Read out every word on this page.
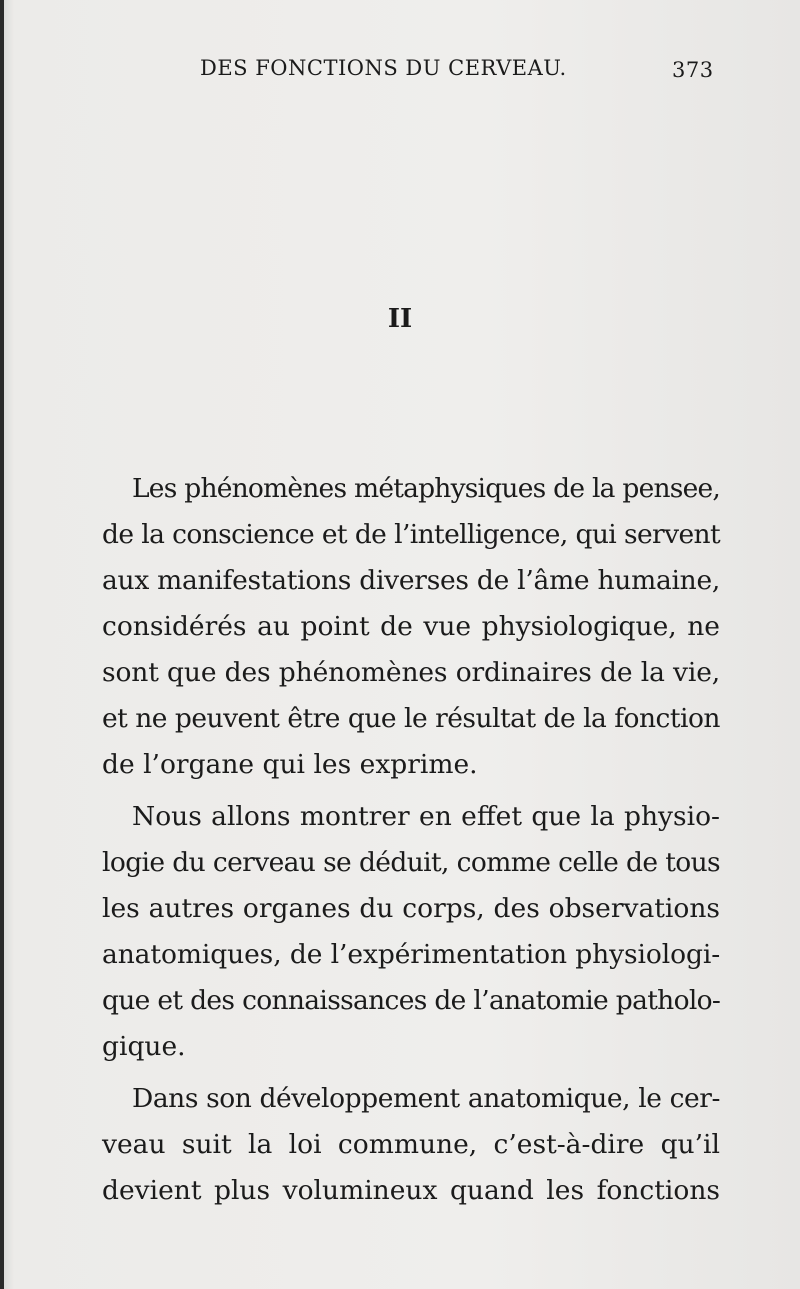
DES FONCTIONS DU CERVEAU.	373
II

Les phénomènes métaphysiques de la pensee,
de la conscience et de l’intelligence, qui servent
aux manifestations diverses de l’âme humaine,
considérés au point de vue physiologique, ne
sont que des phénomènes ordinaires de la vie,
et ne peuvent être que le résultat de la fonction
de l’organe qui les exprime.

Nous allons montrer en effet que la physio-
logie du cerveau se déduit, comme celle de tous
les autres organes du corps, des observations
anatomiques, de l’expérimentation physiologi-
que et des connaissances de l’anatomie patholo-
gique.

Dans son développement anatomique, le cer-
veau suit la loi commune, c’est-à-dire qu’il
devient plus volumineux quand les fonctions
